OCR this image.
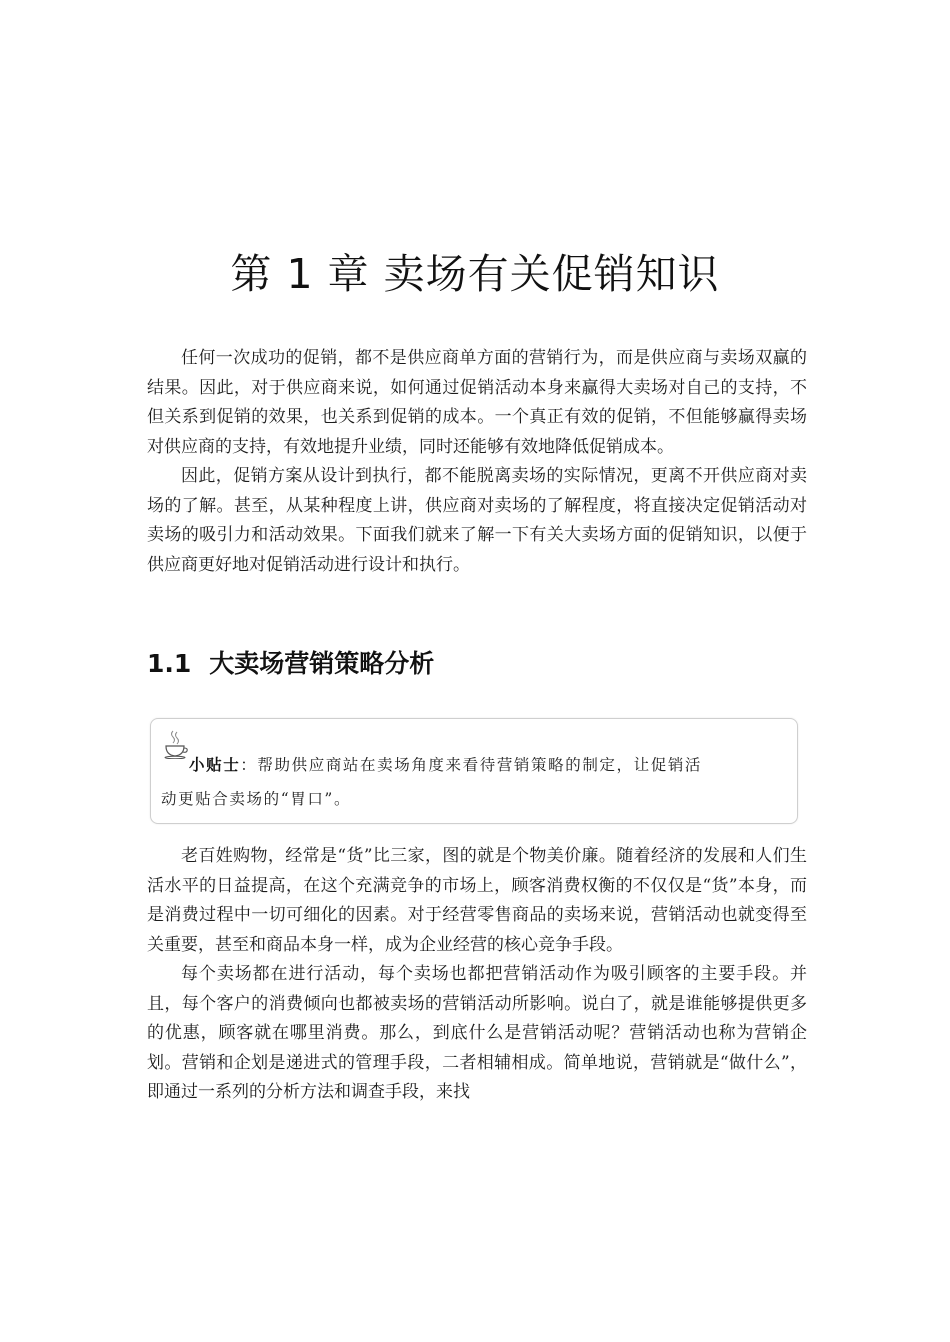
第 1 章 卖场有关促销知识

任何一次成功的促销，都不是供应商单方面的营销行为，而是供应商与卖场双赢的结果。因此，对于供应商来说，如何通过促销活动本身来赢得大卖场对自己的支持，不但关系到促销的效果，也关系到促销的成本。一个真正有效的促销，不但能够赢得卖场对供应商的支持，有效地提升业绩，同时还能够有效地降低促销成本。

因此，促销方案从设计到执行，都不能脱离卖场的实际情况，更离不开供应商对卖场的了解。甚至，从某种程度上讲，供应商对卖场的了解程度，将直接决定促销活动对卖场的吸引力和活动效果。下面我们就来了解一下有关大卖场方面的促销知识，以便于供应商更好地对促销活动进行设计和执行。

1.1 大卖场营销策略分析
小贴士：帮助供应商站在卖场角度来看待营销策略的制定，让促销活
动更贴合卖场的“胃口”。

老百姓购物，经常是“货”比三家，图的就是个物美价廉。随着经济的发展和人们生活水平的日益提高，在这个充满竞争的市场上，顾客消费权衡的不仅仅是“货”本身，而是消费过程中一切可细化的因素。对于经营零售商品的卖场来说，营销活动也就变得至关重要，甚至和商品本身一样，成为企业经营的核心竞争手段。

每个卖场都在进行活动，每个卖场也都把营销活动作为吸引顾客的主要手段。并且，每个客户的消费倾向也都被卖场的营销活动所影响。说白了，就是谁能够提供更多的优惠，顾客就在哪里消费。那么，到底什么是营销活动呢？营销活动也称为营销企划。营销和企划是递进式的管理手段，二者相辅相成。简单地说，营销就是“做什么”，即通过一系列的分析方法和调查手段，来找
